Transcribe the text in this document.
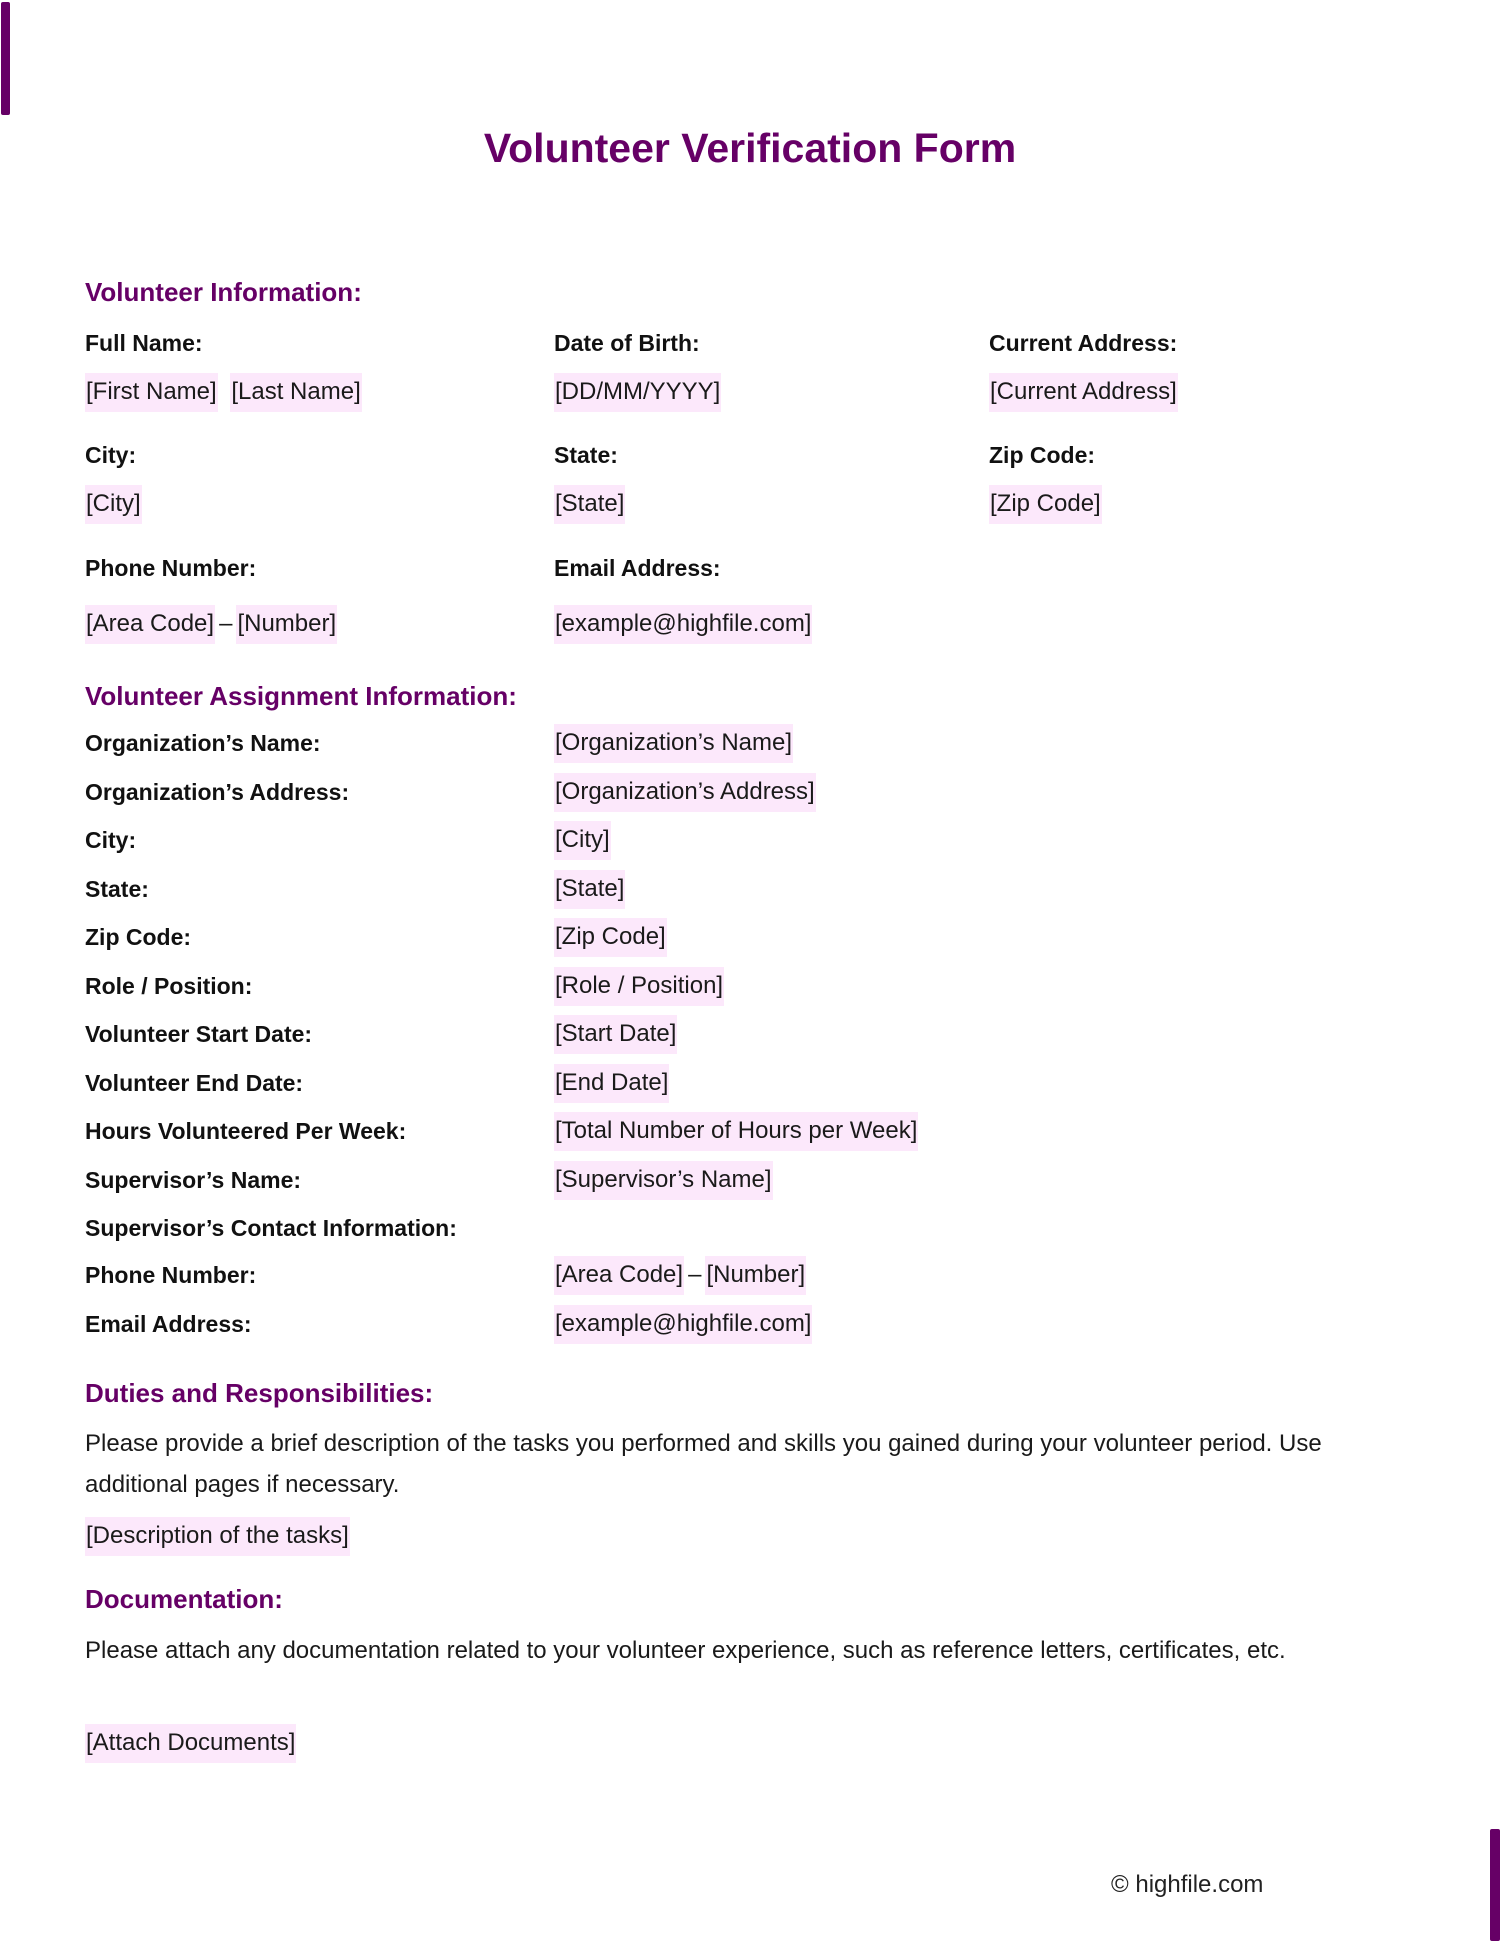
Volunteer Verification Form
Volunteer Information:
Full Name:	Date of Birth:	Current Address:
[First Name] [Last Name]	[DD/MM/YYYY]	[Current Address]
City:	State:	Zip Code:
[City]	[State]	[Zip Code]
Phone Number:	Email Address:
[Area Code] – [Number]	[example@highfile.com]
Volunteer Assignment Information:
Organization’s Name:	[Organization’s Name]
Organization’s Address:	[Organization’s Address]
City:	[City]
State:	[State]
Zip Code:	[Zip Code]
Role / Position:	[Role / Position]
Volunteer Start Date:	[Start Date]
Volunteer End Date:	[End Date]
Hours Volunteered Per Week:	[Total Number of Hours per Week]
Supervisor’s Name:	[Supervisor’s Name]
Supervisor’s Contact Information:
Phone Number:	[Area Code] – [Number]
Email Address:	[example@highfile.com]
Duties and Responsibilities:
Please provide a brief description of the tasks you performed and skills you gained during your volunteer period. Use additional pages if necessary.
[Description of the tasks]
Documentation:
Please attach any documentation related to your volunteer experience, such as reference letters, certificates, etc.
[Attach Documents]
© highfile.com
